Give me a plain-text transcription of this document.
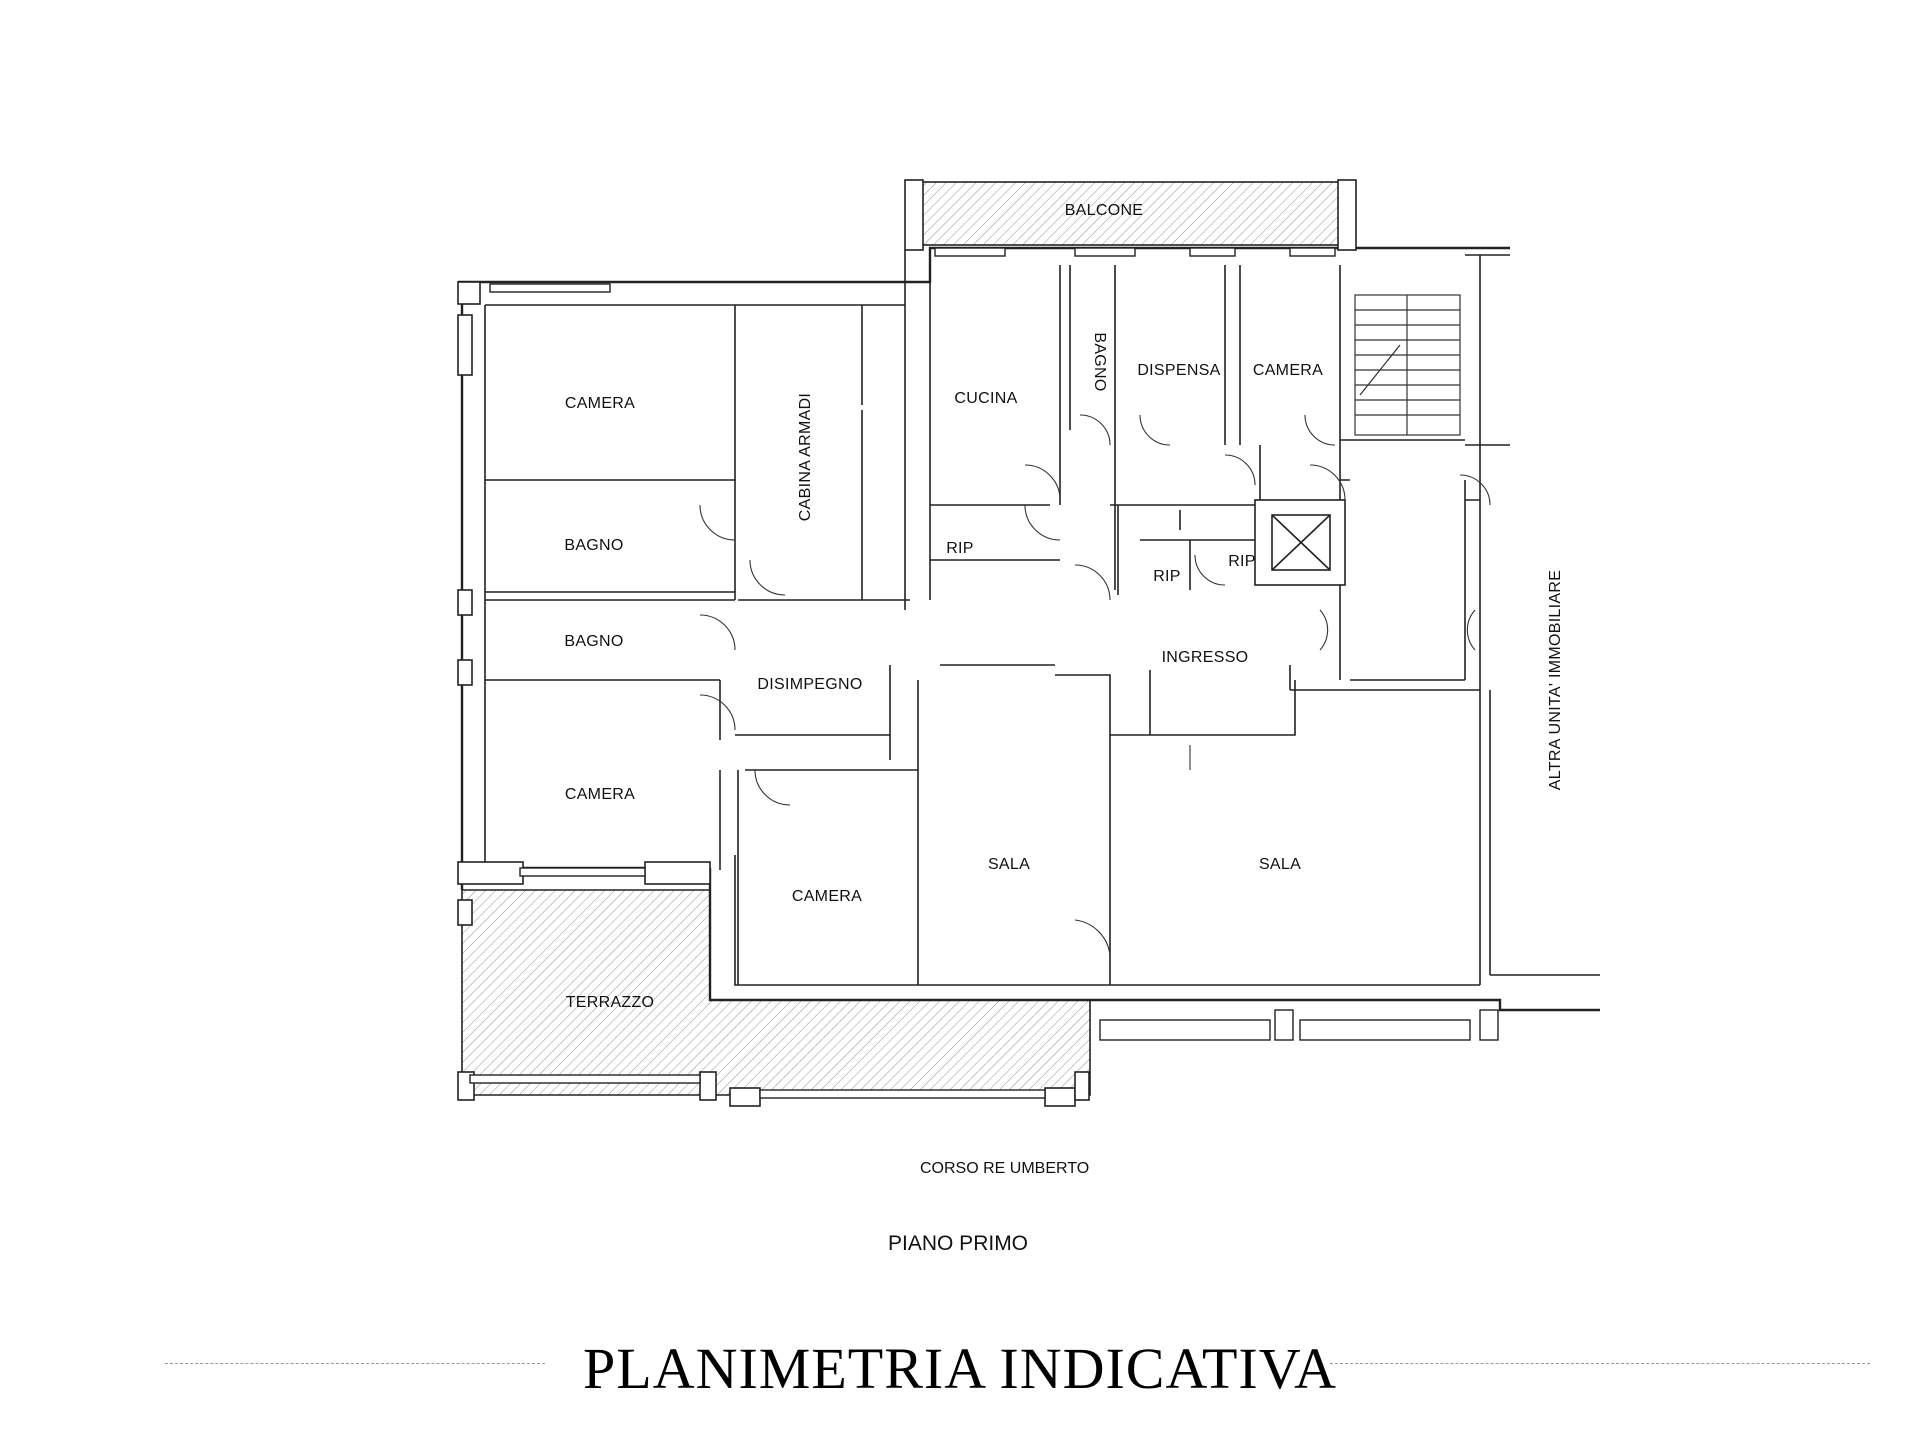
BALCONE
CAMERA	CABINA ARMADI
BAGNO
BAGNO
DISIMPEGNO
CAMERA
CAMERA
CUCINA
BAGNO DISPENSA CAMERA
RIP
RIP
RIP
INGRESSO
SALA	SALA
TERRAZZO
ALTRA UNITA' IMMOBILIARE
CORSO RE UMBERTO
PIANO PRIMO
PLANIMETRIA INDICATIVA
